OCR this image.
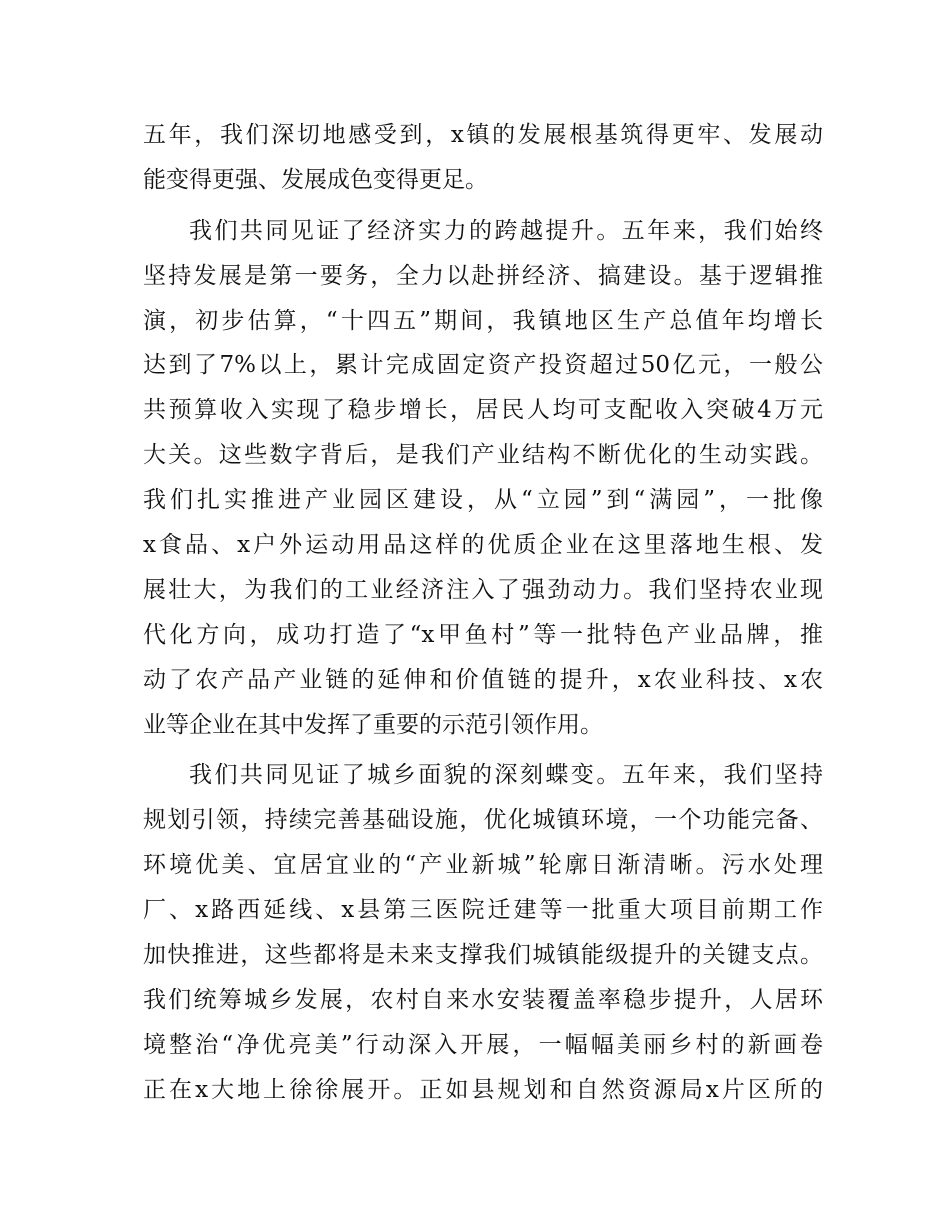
五年，我们深切地感受到，x镇的发展根基筑得更牢、发展动
能变得更强、发展成色变得更足。
我们共同见证了经济实力的跨越提升。五年来，我们始终
坚持发展是第一要务，全力以赴拼经济、搞建设。基于逻辑推
演，初步估算，“十四五”期间，我镇地区生产总值年均增长
达到了7%以上，累计完成固定资产投资超过50亿元，一般公
共预算收入实现了稳步增长，居民人均可支配收入突破4万元
大关。这些数字背后，是我们产业结构不断优化的生动实践。
我们扎实推进产业园区建设，从“立园”到“满园”，一批像
x食品、x户外运动用品这样的优质企业在这里落地生根、发
展壮大，为我们的工业经济注入了强劲动力。我们坚持农业现
代化方向，成功打造了“x甲鱼村”等一批特色产业品牌，推
动了农产品产业链的延伸和价值链的提升，x农业科技、x农
业等企业在其中发挥了重要的示范引领作用。
我们共同见证了城乡面貌的深刻蝶变。五年来，我们坚持
规划引领，持续完善基础设施，优化城镇环境，一个功能完备、
环境优美、宜居宜业的“产业新城”轮廓日渐清晰。污水处理
厂、x路西延线、x县第三医院迁建等一批重大项目前期工作
加快推进，这些都将是未来支撑我们城镇能级提升的关键支点。
我们统筹城乡发展，农村自来水安装覆盖率稳步提升，人居环
境整治“净优亮美”行动深入开展，一幅幅美丽乡村的新画卷
正在x大地上徐徐展开。正如县规划和自然资源局x片区所的
